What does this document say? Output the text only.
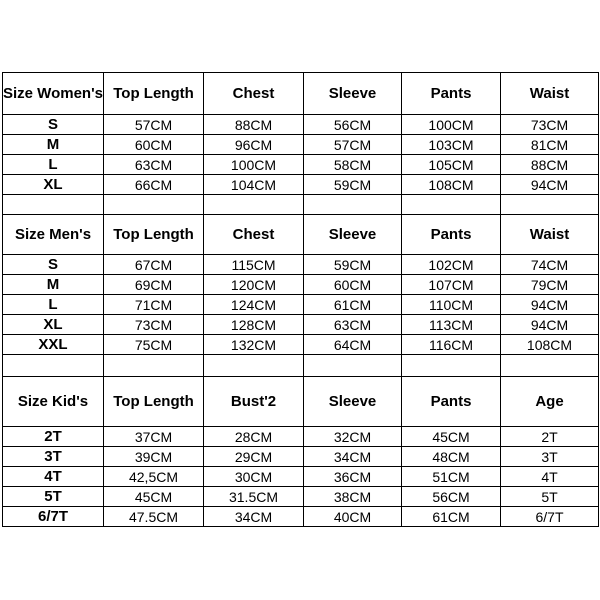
Size Women's	Top Length	Chest	Sleeve	Pants	Waist
S	57CM	88CM	56CM	100CM	73CM
M	60CM	96CM	57CM	103CM	81CM
L	63CM	100CM	58CM	105CM	88CM
XL	66CM	104CM	59CM	108CM	94CM

Size Men's	Top Length	Chest	Sleeve	Pants	Waist
S	67CM	115CM	59CM	102CM	74CM
M	69CM	120CM	60CM	107CM	79CM
L	71CM	124CM	61CM	110CM	94CM
XL	73CM	128CM	63CM	113CM	94CM
XXL	75CM	132CM	64CM	116CM	108CM

Size Kid's	Top Length	Bust'2	Sleeve	Pants	Age
2T	37CM	28CM	32CM	45CM	2T
3T	39CM	29CM	34CM	48CM	3T
4T	42,5CM	30CM	36CM	51CM	4T
5T	45CM	31.5CM	38CM	56CM	5T
6/7T	47.5CM	34CM	40CM	61CM	6/7T
